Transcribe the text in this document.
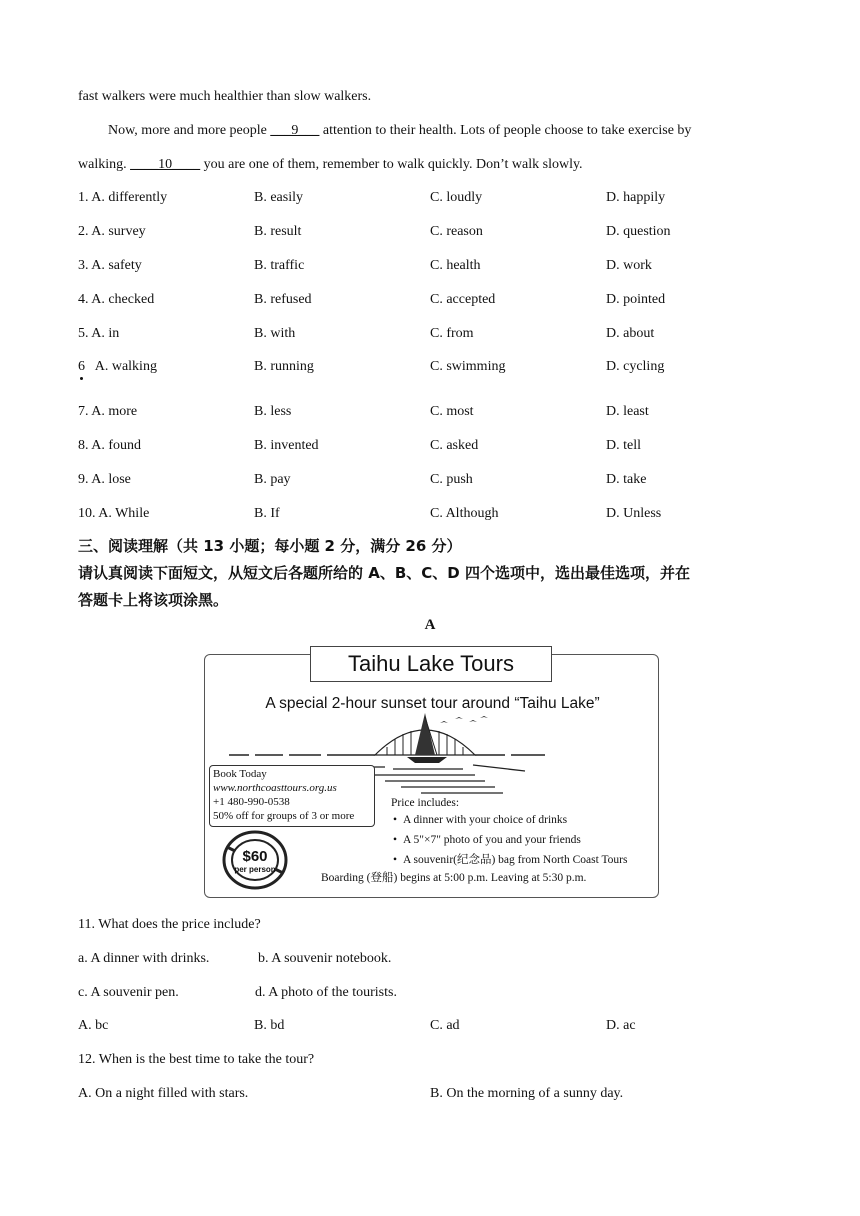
fast walkers were much healthier than slow walkers.
Now, more and more people ___9___ attention to their health. Lots of people choose to take exercise by
walking. ____10____ you are one of them, remember to walk quickly. Don’t walk slowly.
1. A. differently	B. easily	C. loudly	D. happily
2. A. survey	B. result	C. reason	D. question
3. A. safety	B. traffic	C. health	D. work
4. A. checked	B. refused	C. accepted	D. pointed
5. A. in	B. with	C. from	D. about
6   A. walking	B. running	C. swimming	D. cycling
7. A. more	B. less	C. most	D. least
8. A. found	B. invented	C. asked	D. tell
9. A. lose	B. pay	C. push	D. take
10. A. While	B. If	C. Although	D. Unless
三、阅读理解（共 13 小题；每小题 2 分，满分 26 分）
请认真阅读下面短文，从短文后各题所给的 A、B、C、D 四个选项中，选出最佳选项，并在
答题卡上将该项涂黑。
A
Taihu Lake Tours
A special 2-hour sunset tour around “Taihu Lake”
Book Today
www.northcoasttours.org.us
+1 480-990-0538
50% off for groups of 3 or more
$60
per person
Price includes:
• A dinner with your choice of drinks
• A 5"×7" photo of you and your friends
• A souvenir(纪念品) bag from North Coast Tours
Boarding (登船) begins at 5:00 p.m. Leaving at 5:30 p.m.
11. What does the price include?
a. A dinner with drinks.	b. A souvenir notebook.
c. A souvenir pen.	d. A photo of the tourists.
A. bc	B. bd	C. ad	D. ac
12. When is the best time to take the tour?
A. On a night filled with stars.	B. On the morning of a sunny day.
